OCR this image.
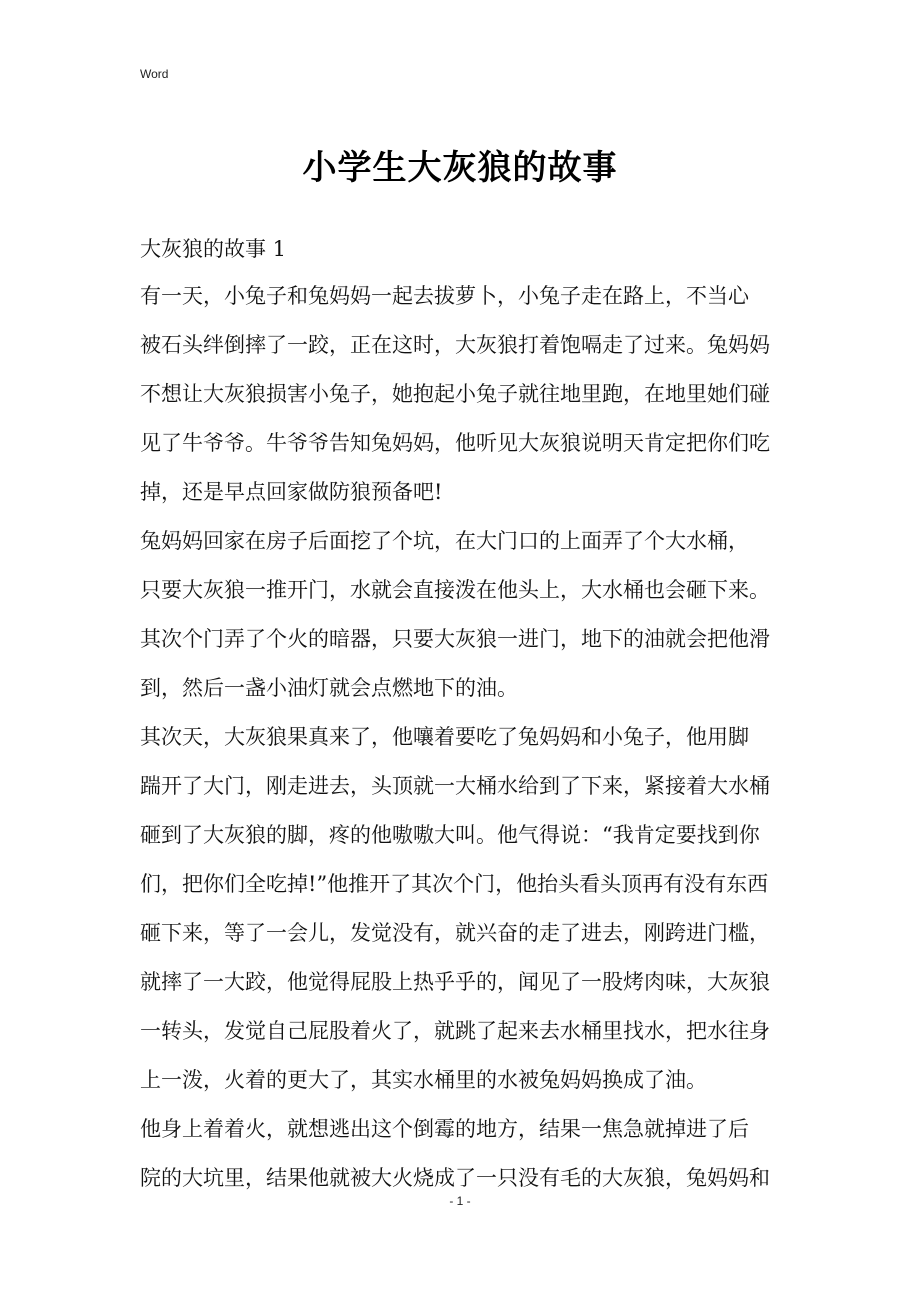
Word
小学生大灰狼的故事
大灰狼的故事 1
有一天，小兔子和兔妈妈一起去拔萝卜，小兔子走在路上，不当心
被石头绊倒摔了一跤，正在这时，大灰狼打着饱嗝走了过来。兔妈妈
不想让大灰狼损害小兔子，她抱起小兔子就往地里跑，在地里她们碰
见了牛爷爷。牛爷爷告知兔妈妈，他听见大灰狼说明天肯定把你们吃
掉，还是早点回家做防狼预备吧!
兔妈妈回家在房子后面挖了个坑，在大门口的上面弄了个大水桶，
只要大灰狼一推开门，水就会直接泼在他头上，大水桶也会砸下来。
其次个门弄了个火的暗器，只要大灰狼一进门，地下的油就会把他滑
到，然后一盏小油灯就会点燃地下的油。
其次天，大灰狼果真来了，他嚷着要吃了兔妈妈和小兔子，他用脚
踹开了大门，刚走进去，头顶就一大桶水给到了下来，紧接着大水桶
砸到了大灰狼的脚，疼的他嗷嗷大叫。他气得说：“我肯定要找到你
们，把你们全吃掉!”他推开了其次个门，他抬头看头顶再有没有东西
砸下来，等了一会儿，发觉没有，就兴奋的走了进去，刚跨进门槛，
就摔了一大跤，他觉得屁股上热乎乎的，闻见了一股烤肉味，大灰狼
一转头，发觉自己屁股着火了，就跳了起来去水桶里找水，把水往身
上一泼，火着的更大了，其实水桶里的水被兔妈妈换成了油。
他身上着着火，就想逃出这个倒霉的地方，结果一焦急就掉进了后
院的大坑里，结果他就被大火烧成了一只没有毛的大灰狼，兔妈妈和
- 1 -
